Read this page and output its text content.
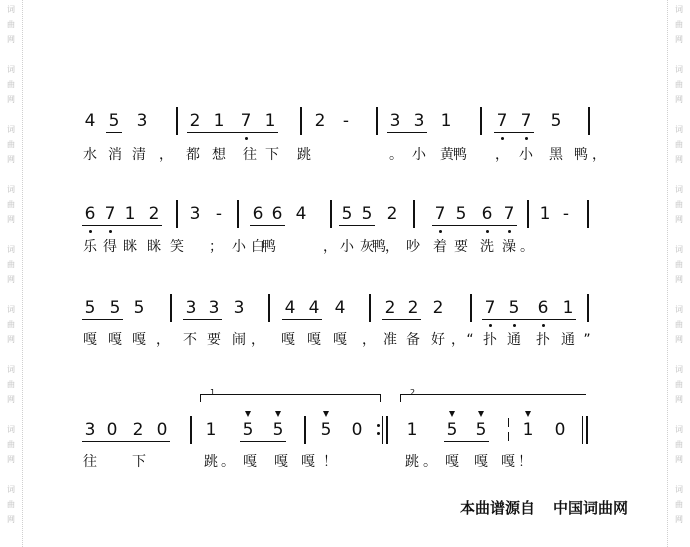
词
曲
网
词
曲
网
词
曲
网
词
曲
网
词
曲
网
词
曲
网
词
曲
网
词
曲
网
词
曲
网
词
曲
网
词
曲
网
词
曲
网
词
曲
网
词
曲
网
词
曲
网
词
曲
网
词
曲
网
词
曲
网
4 5 3 2 1 7 1 2	-	3 3 1	7 7 5
水 消 清 ， 都 想 往 下 跳	。 小 黄 鸭 ， 小 黑 鸭 ，
6 7 1 2 3 -	6 6 4 5 5 2 7 5 6 7 1 -
乐 得 眯 眯 笑 ； 小 白
鸭	， 小 灰
鸭 ， 吵 着 要 洗 澡 。
5 5 5 3 3 3 4 4 4 2 2 2 7 5 6 1
嘎 嘎 嘎 ， 不 要 闹 ， 嘎 嘎 嘎 ， 准 备 好 ， “ 扑 通 扑 通 ”
3 0 2 0 1 5 5 5 0	1 5 5 1 0
往	下	跳 。 嘎 嘎 嘎 ！	跳 。 嘎 嘎 嘎 ！
1	2
本曲谱源自 中国词曲网
